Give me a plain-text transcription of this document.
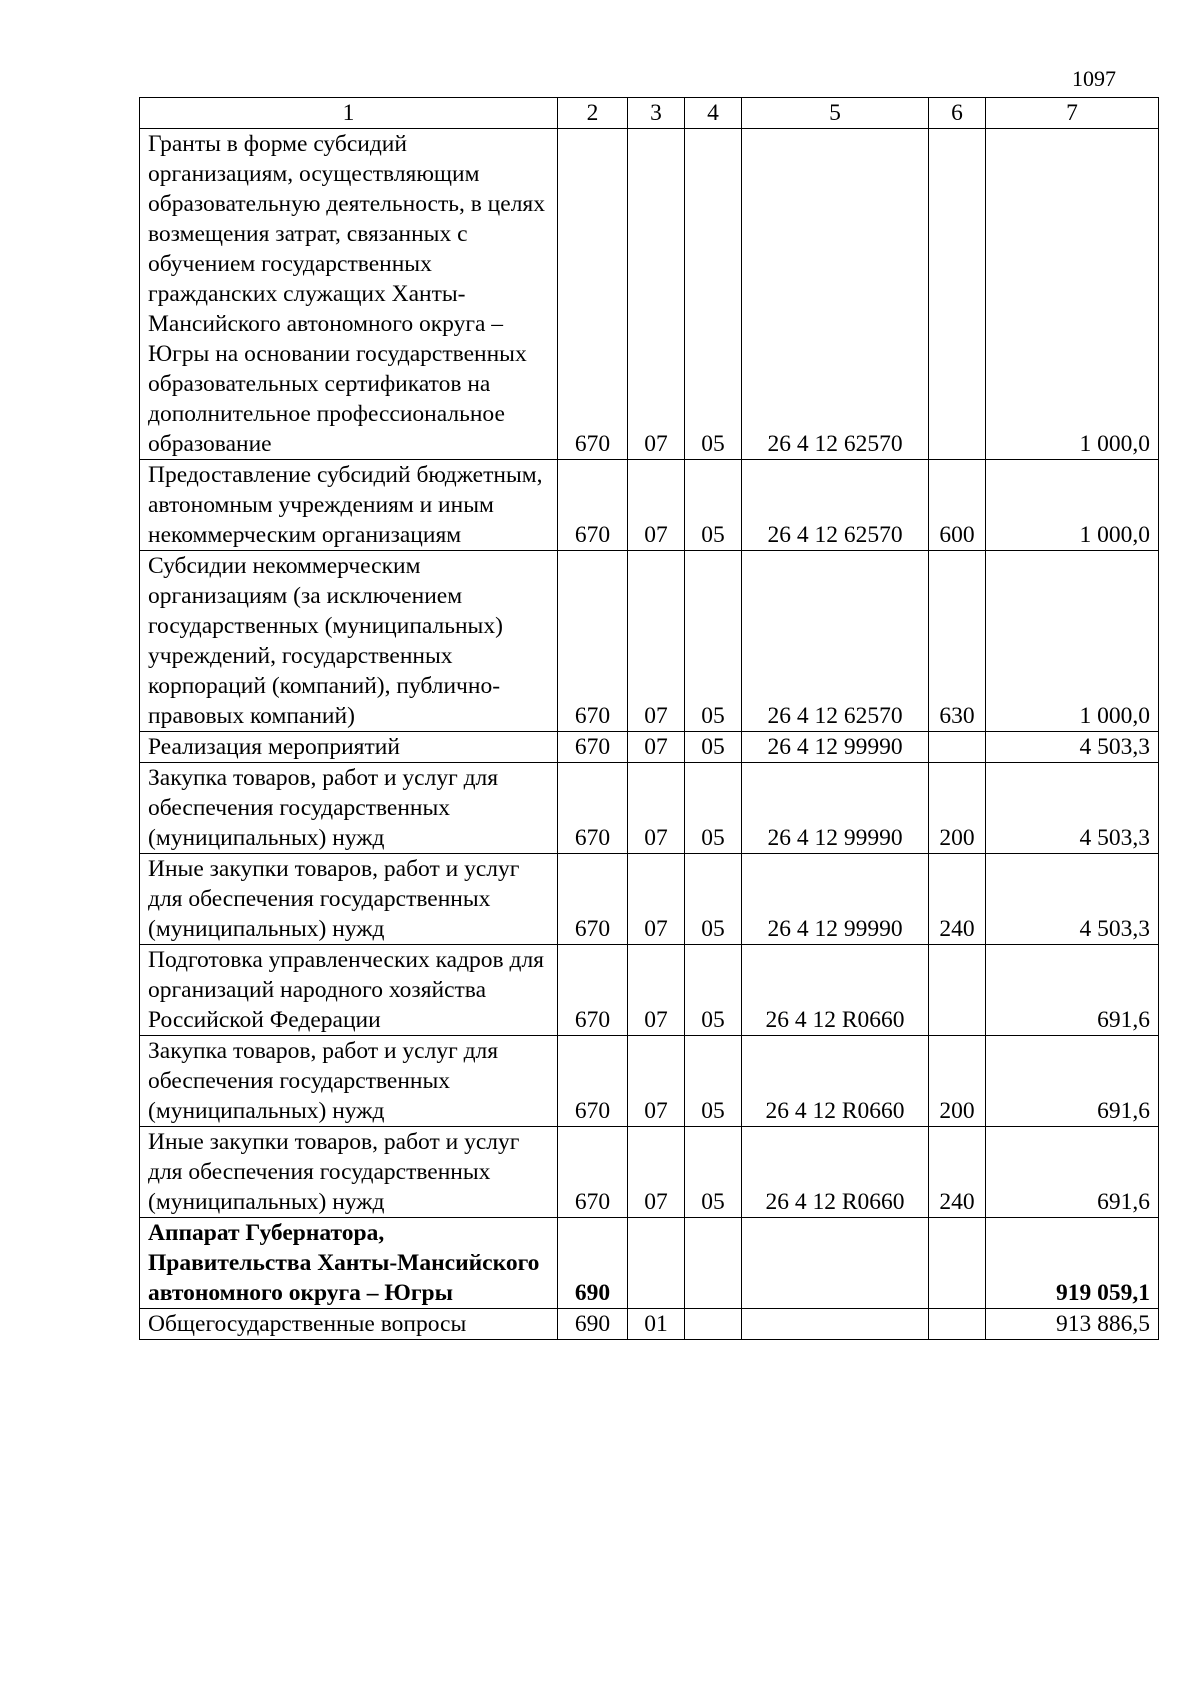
1097
1	2	3	4	5	6	7
Гранты в форме субсидий организациям, осуществляющим образовательную деятельность, в целях возмещения затрат, связанных с обучением государственных гражданских служащих Ханты-Мансийского автономного округа – Югры на основании государственных образовательных сертификатов на дополнительное профессиональное образование	670	07	05	26 4 12 62570		1 000,0
Предоставление субсидий бюджетным, автономным учреждениям и иным некоммерческим организациям	670	07	05	26 4 12 62570	600	1 000,0
Субсидии некоммерческим организациям (за исключением государственных (муниципальных) учреждений, государственных корпораций (компаний), публично-правовых компаний)	670	07	05	26 4 12 62570	630	1 000,0
Реализация мероприятий	670	07	05	26 4 12 99990		4 503,3
Закупка товаров, работ и услуг для обеспечения государственных (муниципальных) нужд	670	07	05	26 4 12 99990	200	4 503,3
Иные закупки товаров, работ и услуг для обеспечения государственных (муниципальных) нужд	670	07	05	26 4 12 99990	240	4 503,3
Подготовка управленческих кадров для организаций народного хозяйства Российской Федерации	670	07	05	26 4 12 R0660		691,6
Закупка товаров, работ и услуг для обеспечения государственных (муниципальных) нужд	670	07	05	26 4 12 R0660	200	691,6
Иные закупки товаров, работ и услуг для обеспечения государственных (муниципальных) нужд	670	07	05	26 4 12 R0660	240	691,6
Аппарат Губернатора, Правительства Ханты-Мансийского автономного округа – Югры	690					919 059,1
Общегосударственные вопросы	690	01				913 886,5
